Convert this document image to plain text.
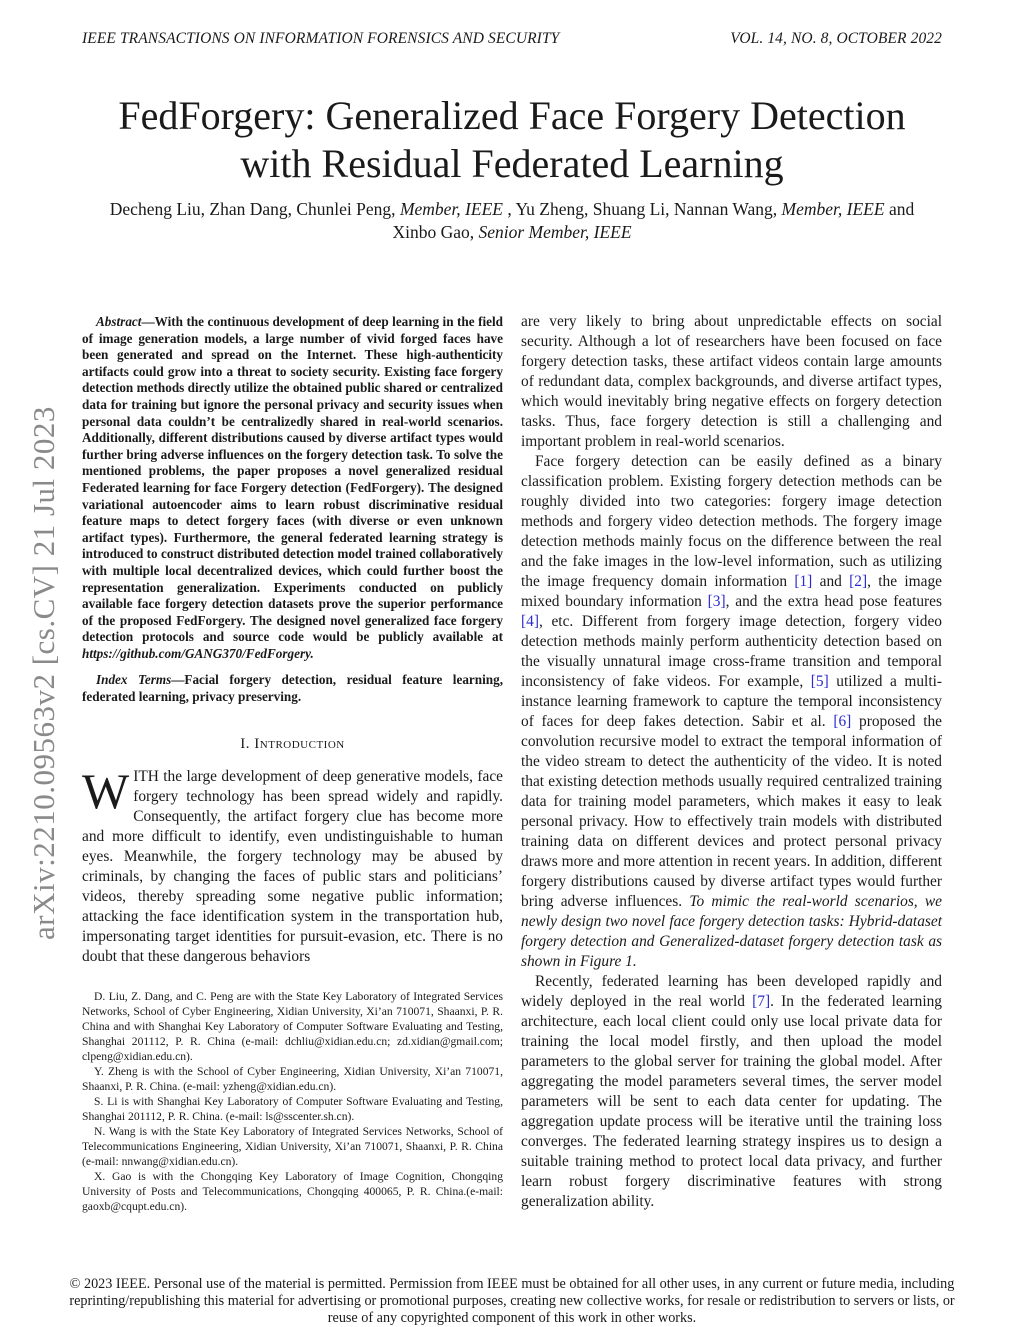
IEEE TRANSACTIONS ON INFORMATION FORENSICS AND SECURITY	VOL. 14, NO. 8, OCTOBER 2022
FedForgery: Generalized Face Forgery Detection
with Residual Federated Learning
Decheng Liu, Zhan Dang, Chunlei Peng, Member, IEEE , Yu Zheng, Shuang Li, Nannan Wang, Member, IEEE and Xinbo Gao, Senior Member, IEEE
arXiv:2210.09563v2 [cs.CV] 21 Jul 2023

Abstract—With the continuous development of deep learning in the field of image generation models, a large number of vivid forged faces have been generated and spread on the Internet. These high-authenticity artifacts could grow into a threat to society security. Existing face forgery detection methods directly utilize the obtained public shared or centralized data for training but ignore the personal privacy and security issues when personal data couldn’t be centralizedly shared in real-world scenarios. Additionally, different distributions caused by diverse artifact types would further bring adverse influences on the forgery detection task. To solve the mentioned problems, the paper proposes a novel generalized residual Federated learning for face Forgery detection (FedForgery). The designed variational autoencoder aims to learn robust discriminative residual feature maps to detect forgery faces (with diverse or even unknown artifact types). Furthermore, the general federated learning strategy is introduced to construct distributed detection model trained collaboratively with multiple local decentralized devices, which could further boost the representation generalization. Experiments conducted on publicly available face forgery detection datasets prove the superior performance of the proposed FedForgery. The designed novel generalized face forgery detection protocols and source code would be publicly available at https://github.com/GANG370/FedForgery.

Index Terms—Facial forgery detection, residual feature learning, federated learning, privacy preserving.

I. Introduction

WITH the large development of deep generative models, face forgery technology has been spread widely and rapidly. Consequently, the artifact forgery clue has become more and more difficult to identify, even undistinguishable to human eyes. Meanwhile, the forgery technology may be abused by criminals, by changing the faces of public stars and politicians’ videos, thereby spreading some negative public information; attacking the face identification system in the transportation hub, impersonating target identities for pursuit-evasion, etc. There is no doubt that these dangerous behaviors

D. Liu, Z. Dang, and C. Peng are with the State Key Laboratory of Integrated Services Networks, School of Cyber Engineering, Xidian University, Xi’an 710071, Shaanxi, P. R. China and with Shanghai Key Laboratory of Computer Software Evaluating and Testing, Shanghai 201112, P. R. China (e-mail: dchliu@xidian.edu.cn; zd.xidian@gmail.com; clpeng@xidian.edu.cn).

Y. Zheng is with the School of Cyber Engineering, Xidian University, Xi’an 710071, Shaanxi, P. R. China. (e-mail: yzheng@xidian.edu.cn).

S. Li is with Shanghai Key Laboratory of Computer Software Evaluating and Testing, Shanghai 201112, P. R. China. (e-mail: ls@sscenter.sh.cn).

N. Wang is with the State Key Laboratory of Integrated Services Networks, School of Telecommunications Engineering, Xidian University, Xi’an 710071, Shaanxi, P. R. China (e-mail: nnwang@xidian.edu.cn).

X. Gao is with the Chongqing Key Laboratory of Image Cognition, Chongqing University of Posts and Telecommunications, Chongqing 400065, P. R. China.(e-mail: gaoxb@cqupt.edu.cn).

are very likely to bring about unpredictable effects on social security. Although a lot of researchers have been focused on face forgery detection tasks, these artifact videos contain large amounts of redundant data, complex backgrounds, and diverse artifact types, which would inevitably bring negative effects on forgery detection tasks. Thus, face forgery detection is still a challenging and important problem in real-world scenarios.

Face forgery detection can be easily defined as a binary classification problem. Existing forgery detection methods can be roughly divided into two categories: forgery image detection methods and forgery video detection methods. The forgery image detection methods mainly focus on the difference between the real and the fake images in the low-level information, such as utilizing the image frequency domain information [1] and [2], the image mixed boundary information [3], and the extra head pose features [4], etc. Different from forgery image detection, forgery video detection methods mainly perform authenticity detection based on the visually unnatural image cross-frame transition and temporal inconsistency of fake videos. For example, [5] utilized a multi-instance learning framework to capture the temporal inconsistency of faces for deep fakes detection. Sabir et al. [6] proposed the convolution recursive model to extract the temporal information of the video stream to detect the authenticity of the video. It is noted that existing detection methods usually required centralized training data for training model parameters, which makes it easy to leak personal privacy. How to effectively train models with distributed training data on different devices and protect personal privacy draws more and more attention in recent years. In addition, different forgery distributions caused by diverse artifact types would further bring adverse influences. To mimic the real-world scenarios, we newly design two novel face forgery detection tasks: Hybrid-dataset forgery detection and Generalized-dataset forgery detection task as shown in Figure 1.

Recently, federated learning has been developed rapidly and widely deployed in the real world [7]. In the federated learning architecture, each local client could only use local private data for training the local model firstly, and then upload the model parameters to the global server for training the global model. After aggregating the model parameters several times, the server model parameters will be sent to each data center for updating. The aggregation update process will be iterative until the training loss converges. The federated learning strategy inspires us to design a suitable training method to protect local data privacy, and further learn robust forgery discriminative features with strong generalization ability.

© 2023 IEEE. Personal use of the material is permitted. Permission from IEEE must be obtained for all other uses, in any current or future media, including reprinting/republishing this material for advertising or promotional purposes, creating new collective works, for resale or redistribution to servers or lists, or reuse of any copyrighted component of this work in other works.
